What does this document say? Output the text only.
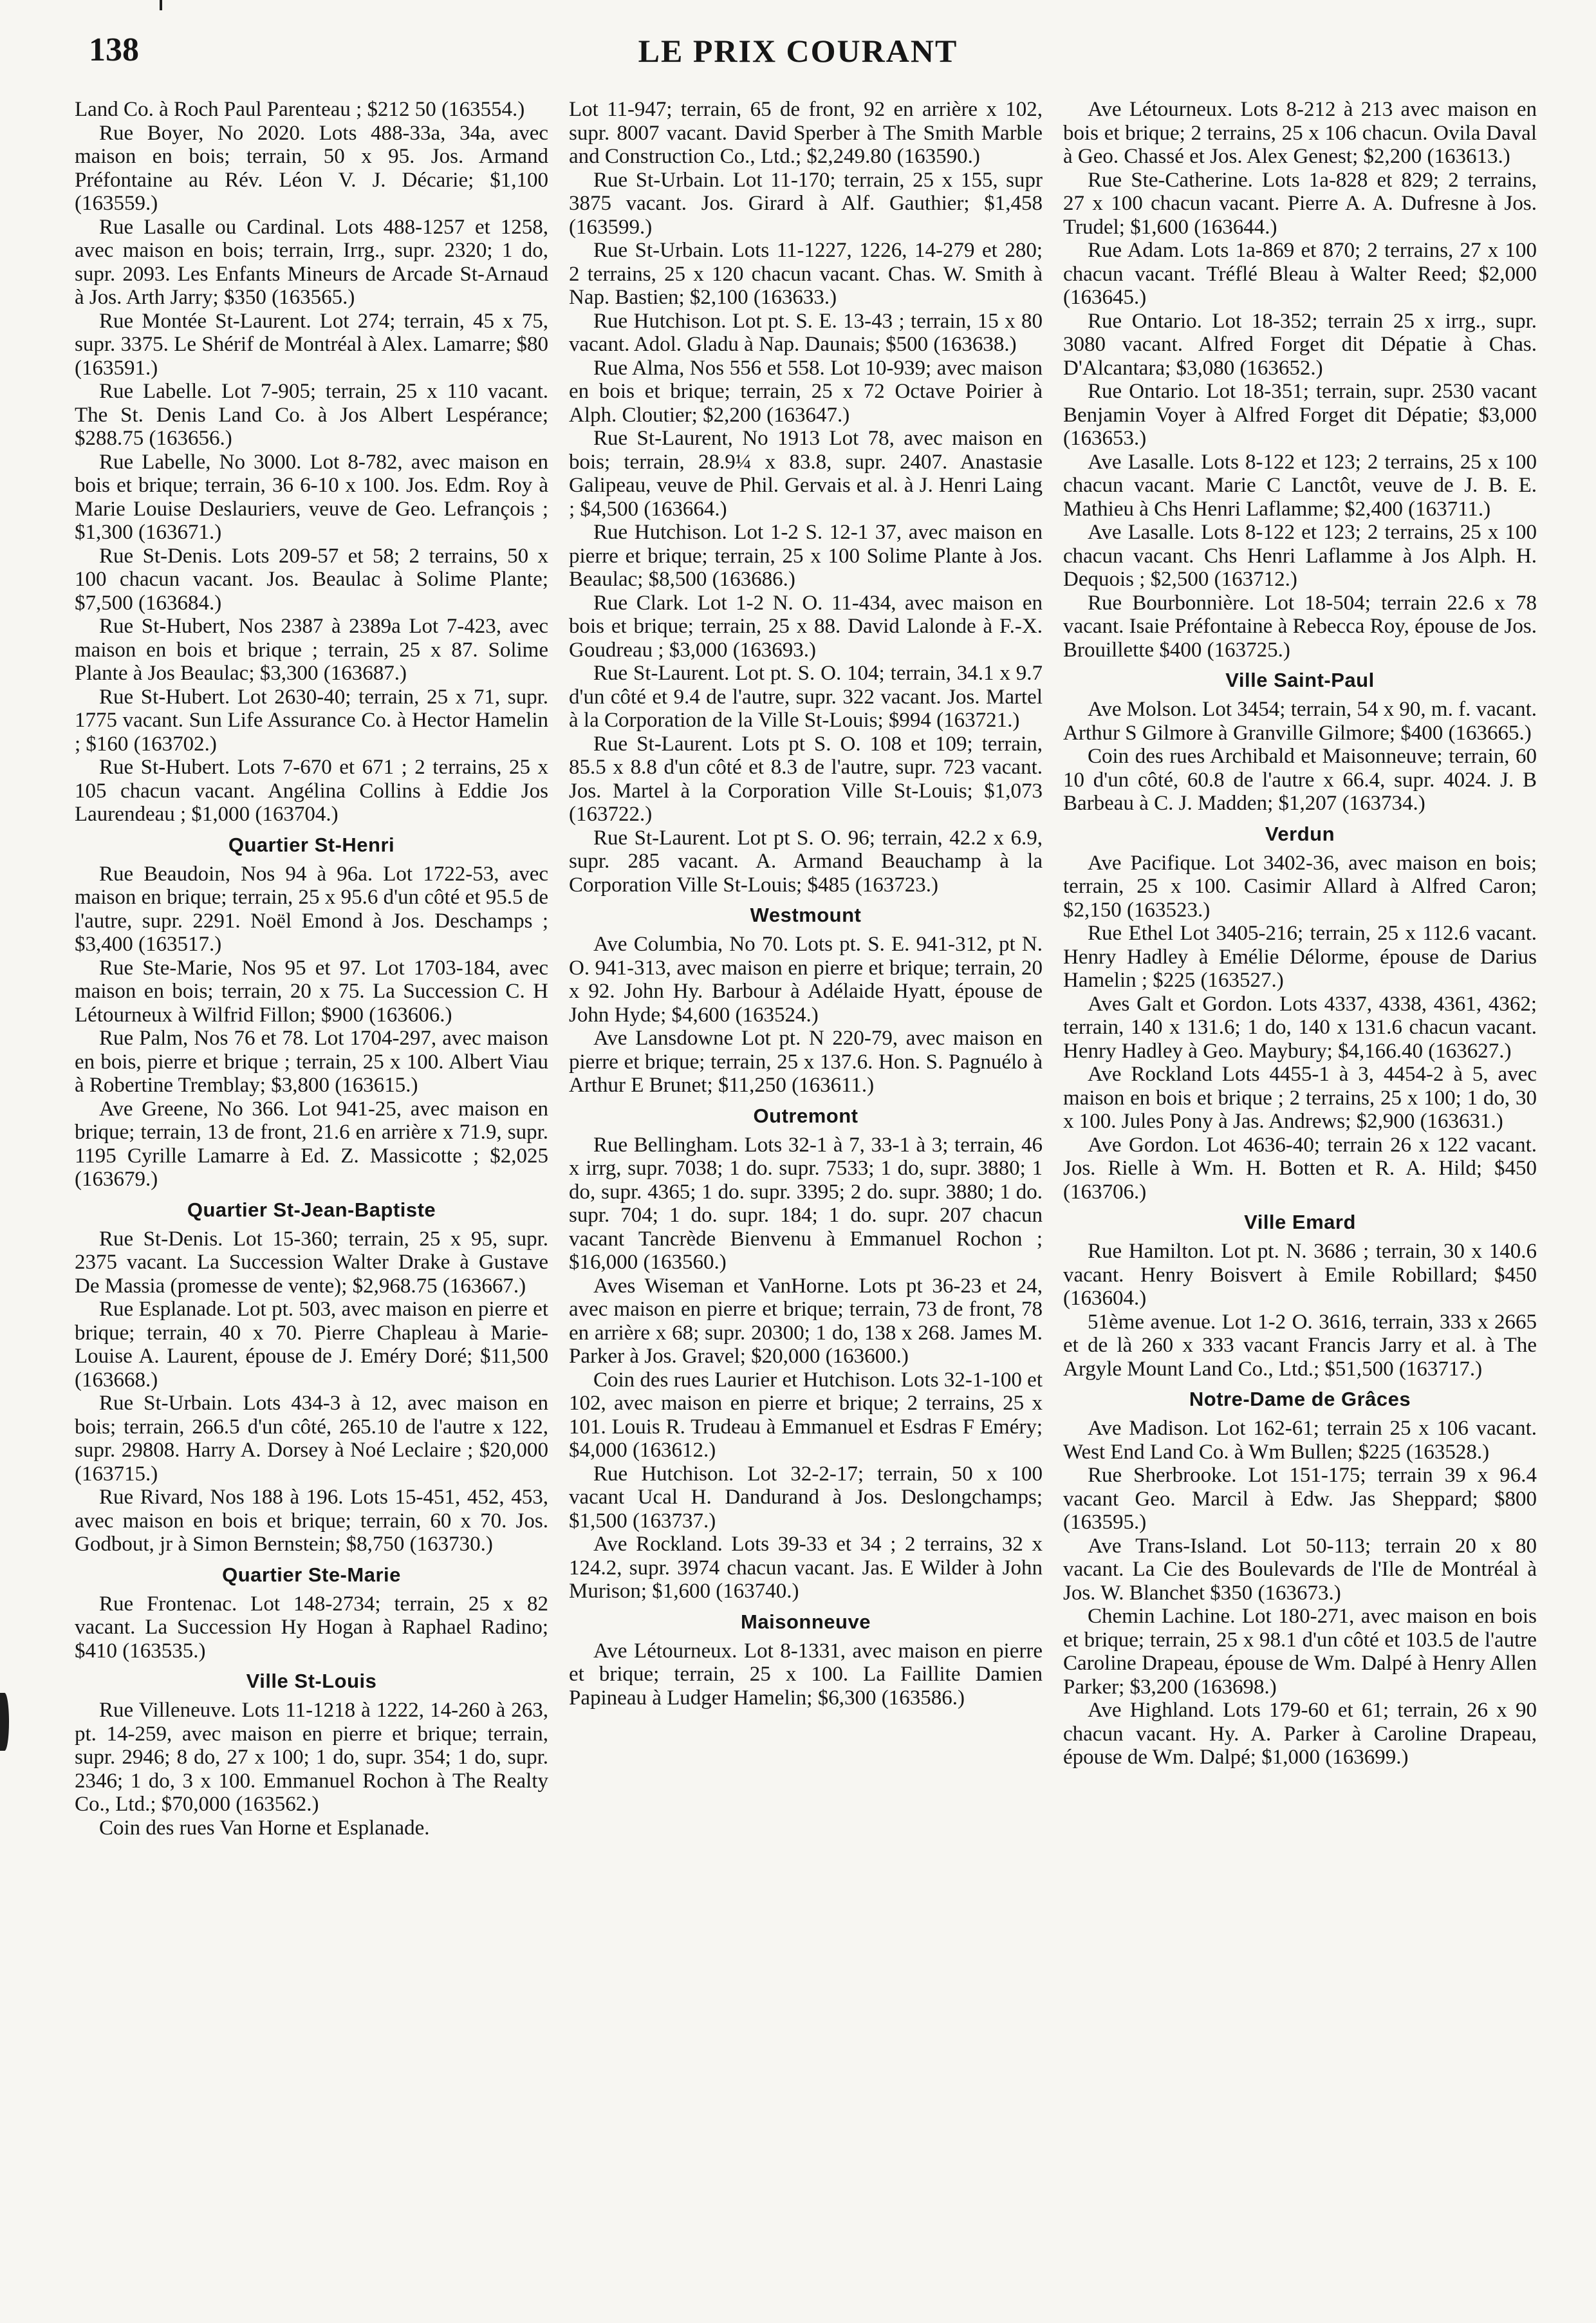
138	LE PRIX COURANT

Land Co. à Roch Paul Parenteau ; $212 50 (163554.)

Rue Boyer, No 2020. Lots 488-33a, 34a, avec maison en bois; terrain, 50 x 95. Jos. Armand Préfontaine au Rév. Léon V. J. Décarie; $1,100 (163559.)

Rue Lasalle ou Cardinal. Lots 488-1257 et 1258, avec maison en bois; terrain, Irrg., supr. 2320; 1 do, supr. 2093. Les Enfants Mineurs de Arcade St-Arnaud à Jos. Arth Jarry; $350 (163565.)

Rue Montée St-Laurent. Lot 274; terrain, 45 x 75, supr. 3375. Le Shérif de Montréal à Alex. Lamarre; $80 (163591.)

Rue Labelle. Lot 7-905; terrain, 25 x 110 vacant. The St. Denis Land Co. à Jos Albert Lespérance; $288.75 (163656.)

Rue Labelle, No 3000. Lot 8-782, avec maison en bois et brique; terrain, 36 6-10 x 100. Jos. Edm. Roy à Marie Louise Deslauriers, veuve de Geo. Lefrançois ; $1,300 (163671.)

Rue St-Denis. Lots 209-57 et 58; 2 terrains, 50 x 100 chacun vacant. Jos. Beaulac à Solime Plante; $7,500 (163684.)

Rue St-Hubert, Nos 2387 à 2389a Lot 7-423, avec maison en bois et brique ; terrain, 25 x 87. Solime Plante à Jos Beaulac; $3,300 (163687.)

Rue St-Hubert. Lot 2630-40; terrain, 25 x 71, supr. 1775 vacant. Sun Life Assurance Co. à Hector Hamelin ; $160 (163702.)

Rue St-Hubert. Lots 7-670 et 671 ; 2 terrains, 25 x 105 chacun vacant. Angélina Collins à Eddie Jos Laurendeau ; $1,000 (163704.)

Quartier St-Henri

Rue Beaudoin, Nos 94 à 96a. Lot 1722-53, avec maison en brique; terrain, 25 x 95.6 d'un côté et 95.5 de l'autre, supr. 2291. Noël Emond à Jos. Deschamps ; $3,400 (163517.)

Rue Ste-Marie, Nos 95 et 97. Lot 1703-184, avec maison en bois; terrain, 20 x 75. La Succession C. H Létourneux à Wilfrid Fillon; $900 (163606.)

Rue Palm, Nos 76 et 78. Lot 1704-297, avec maison en bois, pierre et brique ; terrain, 25 x 100. Albert Viau à Robertine Tremblay; $3,800 (163615.)

Ave Greene, No 366. Lot 941-25, avec maison en brique; terrain, 13 de front, 21.6 en arrière x 71.9, supr. 1195 Cyrille Lamarre à Ed. Z. Massicotte ; $2,025 (163679.)

Quartier St-Jean-Baptiste

Rue St-Denis. Lot 15-360; terrain, 25 x 95, supr. 2375 vacant. La Succession Walter Drake à Gustave De Massia (promesse de vente); $2,968.75 (163667.)

Rue Esplanade. Lot pt. 503, avec maison en pierre et brique; terrain, 40 x 70. Pierre Chapleau à Marie-Louise A. Laurent, épouse de J. Eméry Doré; $11,500 (163668.)

Rue St-Urbain. Lots 434-3 à 12, avec maison en bois; terrain, 266.5 d'un côté, 265.10 de l'autre x 122, supr. 29808. Harry A. Dorsey à Noé Leclaire ; $20,000 (163715.)

Rue Rivard, Nos 188 à 196. Lots 15-451, 452, 453, avec maison en bois et brique; terrain, 60 x 70. Jos. Godbout, jr à Simon Bernstein; $8,750 (163730.)

Quartier Ste-Marie

Rue Frontenac. Lot 148-2734; terrain, 25 x 82 vacant. La Succession Hy Hogan à Raphael Radino; $410 (163535.)

Ville St-Louis

Rue Villeneuve. Lots 11-1218 à 1222, 14-260 à 263, pt. 14-259, avec maison en pierre et brique; terrain, supr. 2946; 8 do, 27 x 100; 1 do, supr. 354; 1 do, supr. 2346; 1 do, 3 x 100. Emmanuel Rochon à The Realty Co., Ltd.; $70,000 (163562.)

Coin des rues Van Horne et Esplanade.

Lot 11-947; terrain, 65 de front, 92 en arrière x 102, supr. 8007 vacant. David Sperber à The Smith Marble and Construction Co., Ltd.; $2,249.80 (163590.)

Rue St-Urbain. Lot 11-170; terrain, 25 x 155, supr 3875 vacant. Jos. Girard à Alf. Gauthier; $1,458 (163599.)

Rue St-Urbain. Lots 11-1227, 1226, 14-279 et 280; 2 terrains, 25 x 120 chacun vacant. Chas. W. Smith à Nap. Bastien; $2,100 (163633.)

Rue Hutchison. Lot pt. S. E. 13-43 ; terrain, 15 x 80 vacant. Adol. Gladu à Nap. Daunais; $500 (163638.)

Rue Alma, Nos 556 et 558. Lot 10-939; avec maison en bois et brique; terrain, 25 x 72 Octave Poirier à Alph. Cloutier; $2,200 (163647.)

Rue St-Laurent, No 1913 Lot 78, avec maison en bois; terrain, 28.9¼ x 83.8, supr. 2407. Anastasie Galipeau, veuve de Phil. Gervais et al. à J. Henri Laing ; $4,500 (163664.)

Rue Hutchison. Lot 1-2 S. 12-1 37, avec maison en pierre et brique; terrain, 25 x 100 Solime Plante à Jos. Beaulac; $8,500 (163686.)

Rue Clark. Lot 1-2 N. O. 11-434, avec maison en bois et brique; terrain, 25 x 88. David Lalonde à F.-X. Goudreau ; $3,000 (163693.)

Rue St-Laurent. Lot pt. S. O. 104; terrain, 34.1 x 9.7 d'un côté et 9.4 de l'autre, supr. 322 vacant. Jos. Martel à la Corporation de la Ville St-Louis; $994 (163721.)

Rue St-Laurent. Lots pt S. O. 108 et 109; terrain, 85.5 x 8.8 d'un côté et 8.3 de l'autre, supr. 723 vacant. Jos. Martel à la Corporation Ville St-Louis; $1,073 (163722.)

Rue St-Laurent. Lot pt S. O. 96; terrain, 42.2 x 6.9, supr. 285 vacant. A. Armand Beauchamp à la Corporation Ville St-Louis; $485 (163723.)

Westmount

Ave Columbia, No 70. Lots pt. S. E. 941-312, pt N. O. 941-313, avec maison en pierre et brique; terrain, 20 x 92. John Hy. Barbour à Adélaide Hyatt, épouse de John Hyde; $4,600 (163524.)

Ave Lansdowne Lot pt. N 220-79, avec maison en pierre et brique; terrain, 25 x 137.6. Hon. S. Pagnuélo à Arthur E Brunet; $11,250 (163611.)

Outremont

Rue Bellingham. Lots 32-1 à 7, 33-1 à 3; terrain, 46 x irrg, supr. 7038; 1 do. supr. 7533; 1 do, supr. 3880; 1 do, supr. 4365; 1 do. supr. 3395; 2 do. supr. 3880; 1 do. supr. 704; 1 do. supr. 184; 1 do. supr. 207 chacun vacant Tancrède Bienvenu à Emmanuel Rochon ; $16,000 (163560.)

Aves Wiseman et VanHorne. Lots pt 36-23 et 24, avec maison en pierre et brique; terrain, 73 de front, 78 en arrière x 68; supr. 20300; 1 do, 138 x 268. James M. Parker à Jos. Gravel; $20,000 (163600.)

Coin des rues Laurier et Hutchison. Lots 32-1-100 et 102, avec maison en pierre et brique; 2 terrains, 25 x 101. Louis R. Trudeau à Emmanuel et Esdras F Eméry; $4,000 (163612.)

Rue Hutchison. Lot 32-2-17; terrain, 50 x 100 vacant Ucal H. Dandurand à Jos. Deslongchamps; $1,500 (163737.)

Ave Rockland. Lots 39-33 et 34 ; 2 terrains, 32 x 124.2, supr. 3974 chacun vacant. Jas. E Wilder à John Murison; $1,600 (163740.)

Maisonneuve

Ave Létourneux. Lot 8-1331, avec maison en pierre et brique; terrain, 25 x 100. La Faillite Damien Papineau à Ludger Hamelin; $6,300 (163586.)

Ave Létourneux. Lots 8-212 à 213 avec maison en bois et brique; 2 terrains, 25 x 106 chacun. Ovila Daval à Geo. Chassé et Jos. Alex Genest; $2,200 (163613.)

Rue Ste-Catherine. Lots 1a-828 et 829; 2 terrains, 27 x 100 chacun vacant. Pierre A. A. Dufresne à Jos. Trudel; $1,600 (163644.)

Rue Adam. Lots 1a-869 et 870; 2 terrains, 27 x 100 chacun vacant. Tréflé Bleau à Walter Reed; $2,000 (163645.)

Rue Ontario. Lot 18-352; terrain 25 x irrg., supr. 3080 vacant. Alfred Forget dit Dépatie à Chas. D'Alcantara; $3,080 (163652.)

Rue Ontario. Lot 18-351; terrain, supr. 2530 vacant Benjamin Voyer à Alfred Forget dit Dépatie; $3,000 (163653.)

Ave Lasalle. Lots 8-122 et 123; 2 terrains, 25 x 100 chacun vacant. Marie C Lanctôt, veuve de J. B. E. Mathieu à Chs Henri Laflamme; $2,400 (163711.)

Ave Lasalle. Lots 8-122 et 123; 2 terrains, 25 x 100 chacun vacant. Chs Henri Laflamme à Jos Alph. H. Dequois ; $2,500 (163712.)

Rue Bourbonnière. Lot 18-504; terrain 22.6 x 78 vacant. Isaie Préfontaine à Rebecca Roy, épouse de Jos. Brouillette $400 (163725.)

Ville Saint-Paul

Ave Molson. Lot 3454; terrain, 54 x 90, m. f. vacant. Arthur S Gilmore à Granville Gilmore; $400 (163665.)

Coin des rues Archibald et Maisonneuve; terrain, 60 10 d'un côté, 60.8 de l'autre x 66.4, supr. 4024. J. B Barbeau à C. J. Madden; $1,207 (163734.)

Verdun

Ave Pacifique. Lot 3402-36, avec maison en bois; terrain, 25 x 100. Casimir Allard à Alfred Caron; $2,150 (163523.)

Rue Ethel Lot 3405-216; terrain, 25 x 112.6 vacant. Henry Hadley à Emélie Délorme, épouse de Darius Hamelin ; $225 (163527.)

Aves Galt et Gordon. Lots 4337, 4338, 4361, 4362; terrain, 140 x 131.6; 1 do, 140 x 131.6 chacun vacant. Henry Hadley à Geo. Maybury; $4,166.40 (163627.)

Ave Rockland Lots 4455-1 à 3, 4454-2 à 5, avec maison en bois et brique ; 2 terrains, 25 x 100; 1 do, 30 x 100. Jules Pony à Jas. Andrews; $2,900 (163631.)

Ave Gordon. Lot 4636-40; terrain 26 x 122 vacant. Jos. Rielle à Wm. H. Botten et R. A. Hild; $450 (163706.)

Ville Emard

Rue Hamilton. Lot pt. N. 3686 ; terrain, 30 x 140.6 vacant. Henry Boisvert à Emile Robillard; $450 (163604.)

51ème avenue. Lot 1-2 O. 3616, terrain, 333 x 2665 et de là 260 x 333 vacant Francis Jarry et al. à The Argyle Mount Land Co., Ltd.; $51,500 (163717.)

Notre-Dame de Grâces

Ave Madison. Lot 162-61; terrain 25 x 106 vacant. West End Land Co. à Wm Bullen; $225 (163528.)

Rue Sherbrooke. Lot 151-175; terrain 39 x 96.4 vacant Geo. Marcil à Edw. Jas Sheppard; $800 (163595.)

Ave Trans-Island. Lot 50-113; terrain 20 x 80 vacant. La Cie des Boulevards de l'Ile de Montréal à Jos. W. Blanchet $350 (163673.)

Chemin Lachine. Lot 180-271, avec maison en bois et brique; terrain, 25 x 98.1 d'un côté et 103.5 de l'autre Caroline Drapeau, épouse de Wm. Dalpé à Henry Allen Parker; $3,200 (163698.)

Ave Highland. Lots 179-60 et 61; terrain, 26 x 90 chacun vacant. Hy. A. Parker à Caroline Drapeau, épouse de Wm. Dalpé; $1,000 (163699.)
